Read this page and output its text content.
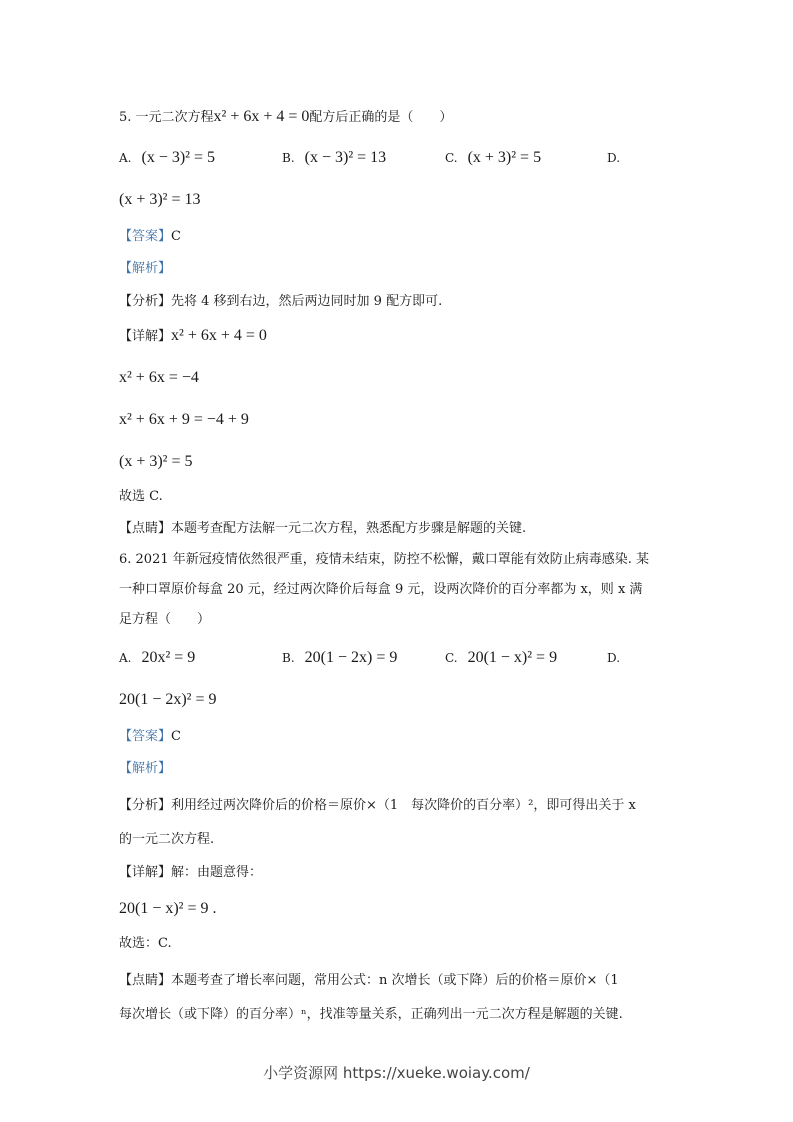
5. 一元二次方程x² + 6x + 4 = 0配方后正确的是（　　）
A. (x − 3)² = 5	B. (x − 3)² = 13	C. (x + 3)² = 5	D.
(x + 3)² = 13
【答案】C
【解析】
【分析】先将 4 移到右边，然后两边同时加 9 配方即可.
【详解】x² + 6x + 4 = 0
x² + 6x = −4
x² + 6x + 9 = −4 + 9
(x + 3)² = 5
故选 C.
【点睛】本题考查配方法解一元二次方程，熟悉配方步骤是解题的关键.
6. 2021 年新冠疫情依然很严重，疫情未结束，防控不松懈，戴口罩能有效防止病毒感染. 某
一种口罩原价每盒 20 元，经过两次降价后每盒 9 元，设两次降价的百分率都为 x，则 x 满
足方程（　　）
A. 20x² = 9	B. 20(1 − 2x) = 9	C. 20(1 − x)² = 9	D.
20(1 − 2x)² = 9
【答案】C
【解析】
【分析】利用经过两次降价后的价格＝原价×（1　每次降价的百分率）²，即可得出关于 x
的一元二次方程.
【详解】解：由题意得：
20(1 − x)² = 9 .
故选：C.
【点睛】本题考查了增长率问题，常用公式：n 次增长（或下降）后的价格＝原价×（1
每次增长（或下降）的百分率）ⁿ，找准等量关系，正确列出一元二次方程是解题的关键.
小学资源网 https://xueke.woiay.com/
